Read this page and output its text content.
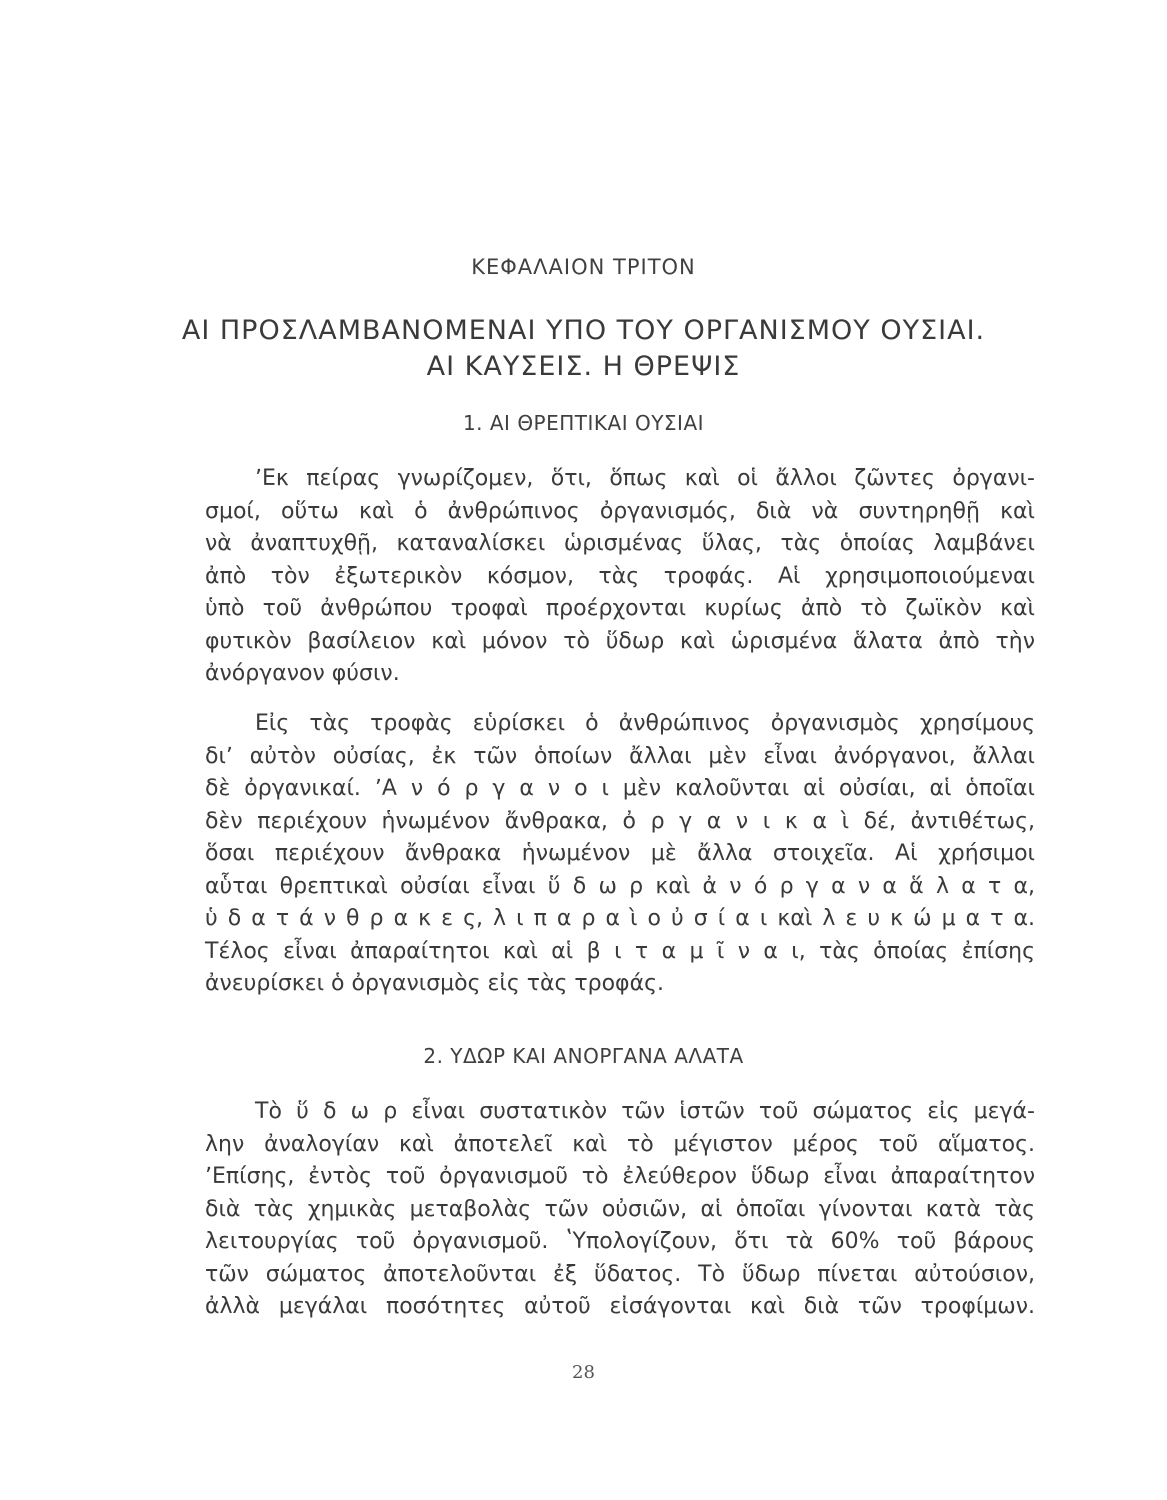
ΚΕΦΑΛΑΙΟΝ ΤΡΙΤΟΝ
ΑΙ ΠΡΟΣΛΑΜΒΑΝΟΜΕΝΑΙ ΥΠΟ ΤΟΥ ΟΡΓΑΝΙΣΜΟΥ ΟΥΣΙΑΙ.
ΑΙ ΚΑΥΣΕΙΣ. Η ΘΡΕΨΙΣ
1. ΑΙ ΘΡΕΠΤΙΚΑΙ ΟΥΣΙΑΙ
ʼΕκ πείρας γνωρίζομεν, ὅτι, ὅπως καὶ οἱ ἄλλοι ζῶντες ὀργανι-
σμοί, οὕτω καὶ ὁ ἀνθρώπινος ὀργανισμός, διὰ νὰ συντηρηθῇ καὶ
νὰ ἀναπτυχθῇ, καταναλίσκει ὡρισμένας ὕλας, τὰς ὁποίας λαμβάνει
ἀπὸ τὸν ἐξωτερικὸν κόσμον, τὰς τροφάς. Αἱ χρησιμοποιούμεναι
ὑπὸ τοῦ ἀνθρώπου τροφαὶ προέρχονται κυρίως ἀπὸ τὸ ζωϊκὸν καὶ
φυτικὸν βασίλειον καὶ μόνον τὸ ὕδωρ καὶ ὡρισμένα ἅλατα ἀπὸ τὴν
ἀνόργανον φύσιν.
Εἰς τὰς τροφὰς εὑρίσκει ὁ ἀνθρώπινος ὀργανισμὸς χρησίμους
διʼ αὐτὸν οὐσίας, ἐκ τῶν ὁποίων ἄλλαι μὲν εἶναι ἀνόργανοι, ἄλλαι
δὲ ὀργανικαί. ʼΑ ν ό ρ γ α ν ο ι μὲν καλοῦνται αἱ οὐσίαι, αἱ ὁποῖαι
δὲν περιέχουν ἡνωμένον ἄνθρακα, ὀ ρ γ α ν ι κ α ὶ δέ, ἀντιθέτως,
ὅσαι περιέχουν ἄνθρακα ἡνωμένον μὲ ἄλλα στοιχεῖα. Αἱ χρήσιμοι
αὗται θρεπτικαὶ οὐσίαι εἶναι ὕ δ ω ρ καὶ ἀ ν ό ρ γ α ν α ἅ λ α τ α,
ὑ δ α τ ά ν θ ρ α κ ε ς, λ ι π α ρ α ὶ ο ὐ σ ί α ι καὶ λ ε υ κ ώ μ α τ α.
Τέλος εἶναι ἀπαραίτητοι καὶ αἱ β ι τ α μ ῖ ν α ι, τὰς ὁποίας ἐπίσης
ἀνευρίσκει ὁ ὀργανισμὸς εἰς τὰς τροφάς.
2. ΥΔΩΡ ΚΑΙ ΑΝΟΡΓΑΝΑ ΑΛΑΤΑ
Τὸ ὕ δ ω ρ εἶναι συστατικὸν τῶν ἱστῶν τοῦ σώματος εἰς μεγά-
λην ἀναλογίαν καὶ ἀποτελεῖ καὶ τὸ μέγιστον μέρος τοῦ αἵματος.
ʼΕπίσης, ἐντὸς τοῦ ὀργανισμοῦ τὸ ἐλεύθερον ὕδωρ εἶναι ἀπαραίτητον
διὰ τὰς χημικὰς μεταβολὰς τῶν οὐσιῶν, αἱ ὁποῖαι γίνονται κατὰ τὰς
λειτουργίας τοῦ ὀργανισμοῦ. ʽΥπολογίζουν, ὅτι τὰ 60% τοῦ βάρους
τῶν σώματος ἀποτελοῦνται ἐξ ὕδατος. Τὸ ὕδωρ πίνεται αὐτούσιον,
ἀλλὰ μεγάλαι ποσότητες αὐτοῦ εἰσάγονται καὶ διὰ τῶν τροφίμων.
28
